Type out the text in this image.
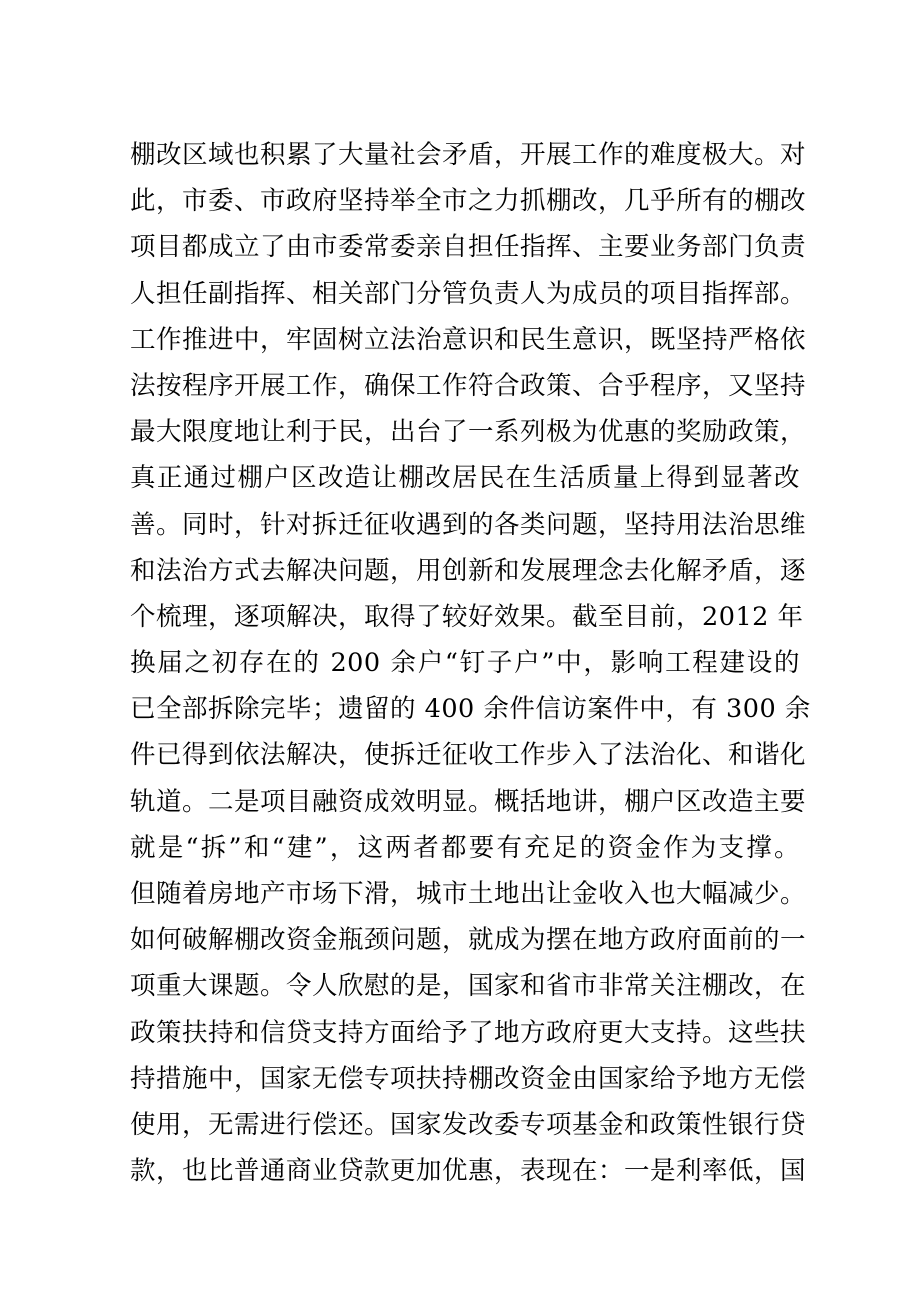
棚改区域也积累了大量社会矛盾，开展工作的难度极大。对
此，市委、市政府坚持举全市之力抓棚改，几乎所有的棚改
项目都成立了由市委常委亲自担任指挥、主要业务部门负责
人担任副指挥、相关部门分管负责人为成员的项目指挥部。
工作推进中，牢固树立法治意识和民生意识，既坚持严格依
法按程序开展工作，确保工作符合政策、合乎程序，又坚持
最大限度地让利于民，出台了一系列极为优惠的奖励政策，
真正通过棚户区改造让棚改居民在生活质量上得到显著改
善。同时，针对拆迁征收遇到的各类问题，坚持用法治思维
和法治方式去解决问题，用创新和发展理念去化解矛盾，逐
个梳理，逐项解决，取得了较好效果。截至目前，2012 年
换届之初存在的 200 余户“钉子户”中，影响工程建设的
已全部拆除完毕；遗留的 400 余件信访案件中，有 300 余
件已得到依法解决，使拆迁征收工作步入了法治化、和谐化
轨道。二是项目融资成效明显。概括地讲，棚户区改造主要
就是“拆”和“建”，这两者都要有充足的资金作为支撑。
但随着房地产市场下滑，城市土地出让金收入也大幅减少。
如何破解棚改资金瓶颈问题，就成为摆在地方政府面前的一
项重大课题。令人欣慰的是，国家和省市非常关注棚改，在
政策扶持和信贷支持方面给予了地方政府更大支持。这些扶
持措施中，国家无偿专项扶持棚改资金由国家给予地方无偿
使用，无需进行偿还。国家发改委专项基金和政策性银行贷
款，也比普通商业贷款更加优惠，表现在：一是利率低，国
